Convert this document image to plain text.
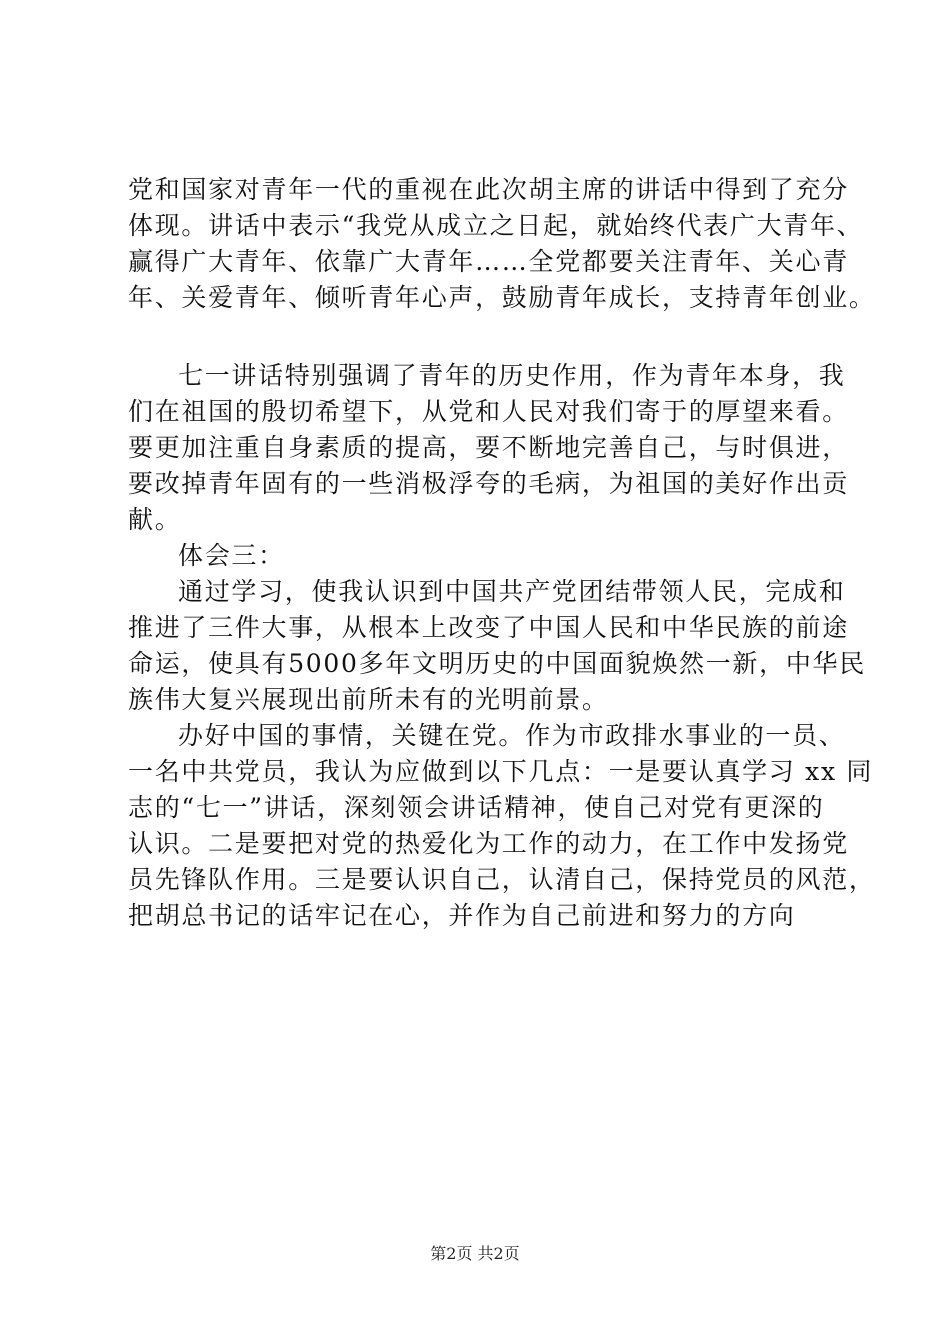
党和国家对青年一代的重视在此次胡主席的讲话中得到了充分
体现。讲话中表示“我党从成立之日起，就始终代表广大青年、
赢得广大青年、依靠广大青年……全党都要关注青年、关心青
年、关爱青年、倾听青年心声，鼓励青年成长，支持青年创业。
七一讲话特别强调了青年的历史作用，作为青年本身，我
们在祖国的殷切希望下，从党和人民对我们寄于的厚望来看。
要更加注重自身素质的提高，要不断地完善自己，与时俱进，
要改掉青年固有的一些消极浮夸的毛病，为祖国的美好作出贡
献。
体会三：
通过学习，使我认识到中国共产党团结带领人民，完成和
推进了三件大事，从根本上改变了中国人民和中华民族的前途
命运，使具有5000多年文明历史的中国面貌焕然一新，中华民
族伟大复兴展现出前所未有的光明前景。
办好中国的事情，关键在党。作为市政排水事业的一员、
一名中共党员，我认为应做到以下几点：一是要认真学习 xx 同
志的“七一”讲话，深刻领会讲话精神，使自己对党有更深的
认识。二是要把对党的热爱化为工作的动力，在工作中发扬党
员先锋队作用。三是要认识自己，认清自己，保持党员的风范，
把胡总书记的话牢记在心，并作为自己前进和努力的方向
第2页 共2页
